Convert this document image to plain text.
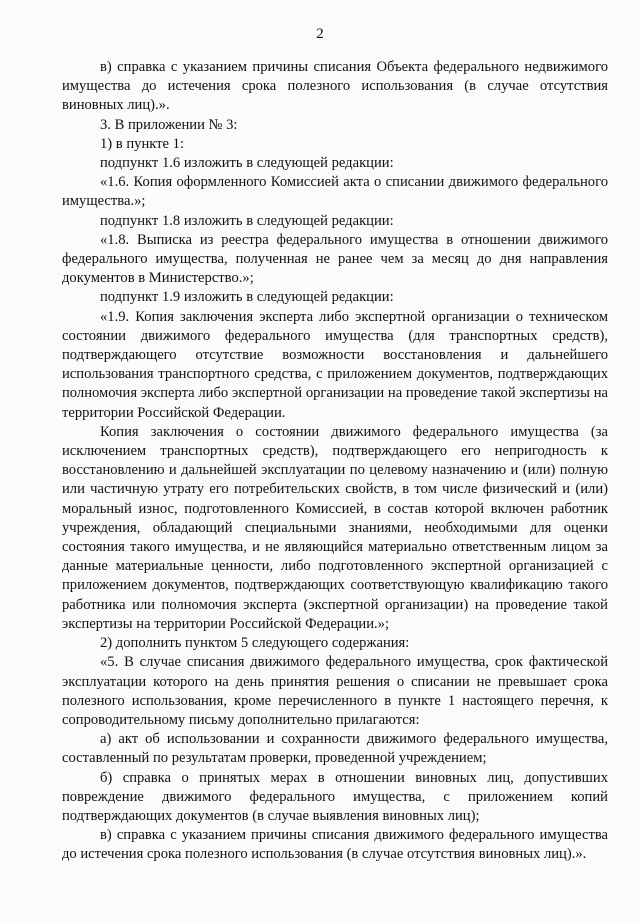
2

в) справка с указанием причины списания Объекта федерального недвижимого имущества до истечения срока полезного использования (в случае отсутствия виновных лиц).».

3. В приложении № 3:

1) в пункте 1:

подпункт 1.6 изложить в следующей редакции:

«1.6. Копия оформленного Комиссией акта о списании движимого федерального имущества.»;

подпункт 1.8 изложить в следующей редакции:

«1.8. Выписка из реестра федерального имущества в отношении движимого федерального имущества, полученная не ранее чем за месяц до дня направления документов в Министерство.»;

подпункт 1.9 изложить в следующей редакции:

«1.9. Копия заключения эксперта либо экспертной организации о техническом состоянии движимого федерального имущества (для транспортных средств), подтверждающего отсутствие возможности восстановления и дальнейшего использования транспортного средства, с приложением документов, подтверждающих полномочия эксперта либо экспертной организации на проведение такой экспертизы на территории Российской Федерации.

Копия заключения о состоянии движимого федерального имущества (за исключением транспортных средств), подтверждающего его непригодность к восстановлению и дальнейшей эксплуатации по целевому назначению и (или) полную или частичную утрату его потребительских свойств, в том числе физический и (или) моральный износ, подготовленного Комиссией, в состав которой включен работник учреждения, обладающий специальными знаниями, необходимыми для оценки состояния такого имущества, и не являющийся материально ответственным лицом за данные материальные ценности, либо подготовленного экспертной организацией с приложением документов, подтверждающих соответствующую квалификацию такого работника или полномочия эксперта (экспертной организации) на проведение такой экспертизы на территории Российской Федерации.»;

2) дополнить пунктом 5 следующего содержания:

«5. В случае списания движимого федерального имущества, срок фактической эксплуатации которого на день принятия решения о списании не превышает срока полезного использования, кроме перечисленного в пункте 1 настоящего перечня, к сопроводительному письму дополнительно прилагаются:

а) акт об использовании и сохранности движимого федерального имущества, составленный по результатам проверки, проведенной учреждением;

б) справка о принятых мерах в отношении виновных лиц, допустивших повреждение движимого федерального имущества, с приложением копий подтверждающих документов (в случае выявления виновных лиц);

в) справка с указанием причины списания движимого федерального имущества до истечения срока полезного использования (в случае отсутствия виновных лиц).».
